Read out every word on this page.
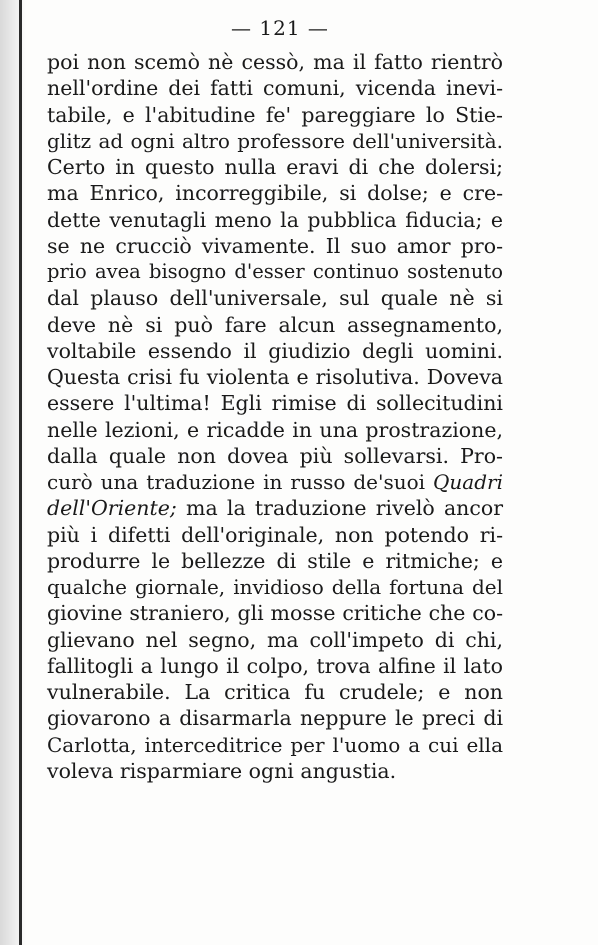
— 121 —
poi non scemò nè cessò, ma il fatto rientrò
nell'ordine dei fatti comuni, vicenda inevi-
tabile, e l'abitudine fe' pareggiare lo Stie-
glitz ad ogni altro professore dell'università.
Certo in questo nulla eravi di che dolersi;
ma Enrico, incorreggibile, si dolse; e cre-
dette venutagli meno la pubblica fiducia; e
se ne crucciò vivamente. Il suo amor pro-
prio avea bisogno d'esser continuo sostenuto
dal plauso dell'universale, sul quale nè si
deve nè si può fare alcun assegnamento,
voltabile essendo il giudizio degli uomini.
Questa crisi fu violenta e risolutiva. Doveva
essere l'ultima! Egli rimise di sollecitudini
nelle lezioni, e ricadde in una prostrazione,
dalla quale non dovea più sollevarsi. Pro-
curò una traduzione in russo de'suoi Quadri
dell'Oriente; ma la traduzione rivelò ancor
più i difetti dell'originale, non potendo ri-
produrre le bellezze di stile e ritmiche; e
qualche giornale, invidioso della fortuna del
giovine straniero, gli mosse critiche che co-
glievano nel segno, ma coll'impeto di chi,
fallitogli a lungo il colpo, trova alfine il lato
vulnerabile. La critica fu crudele; e non
giovarono a disarmarla neppure le preci di
Carlotta, interceditrice per l'uomo a cui ella
voleva risparmiare ogni angustia.
